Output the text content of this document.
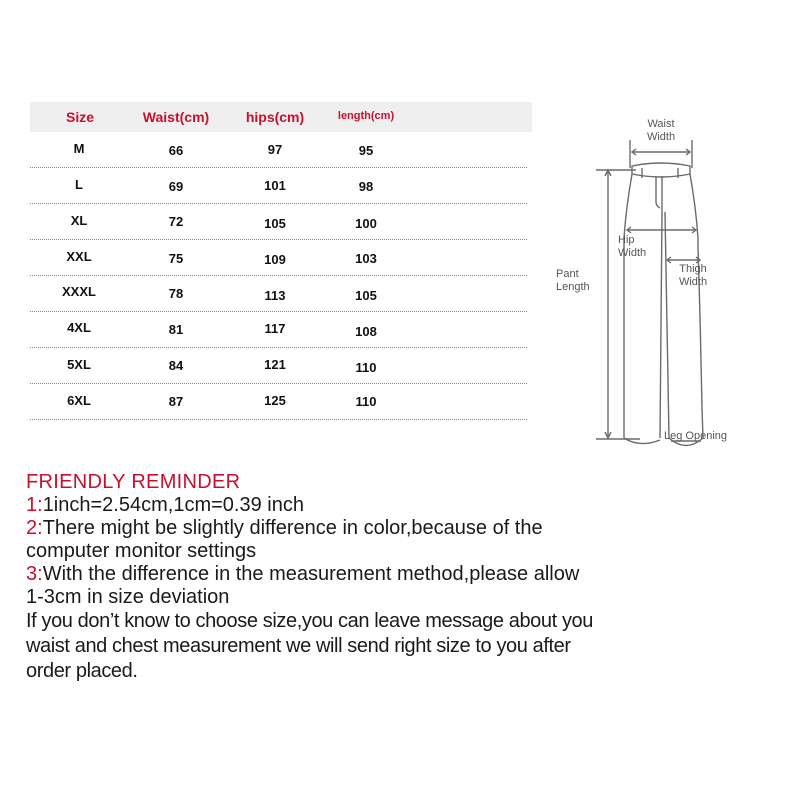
Size	Waist(cm)	hips(cm)	length(cm)
M	66	97	95
L	69	101	98
XL	72	105	100
XXL	75	109	103
XXXL	78	113	105
4XL	81	117	108
5XL	84	121	110
6XL	87	125	110
Waist
Width
Hip
Width
Thigh
Width
Pant
Length
Leg Opening
FRIENDLY REMINDER
1:1inch=2.54cm,1cm=0.39 inch
2:There might be slightly difference in color,because of the
computer monitor settings
3:With the difference in the measurement method,please allow
1-3cm in size deviation
If you don’t know to choose size,you can leave message about you
waist and chest measurement we will send right size to you after
order placed.
